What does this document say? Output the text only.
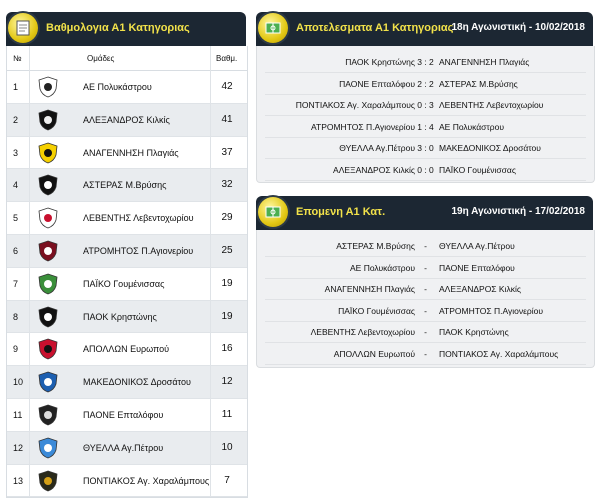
Βαθμολογια Α1 Κατηγοριας
№	Ομάδες	Βαθμ.
1	ΑΕ Πολυκάστρου	42
2	ΑΛΕΞΑΝΔΡΟΣ Κιλκίς	41
3	ΑΝΑΓΕΝΝΗΣΗ Πλαγιάς	37
4	ΑΣΤΕΡΑΣ Μ.Βρύσης	32
5	ΛΕΒΕΝΤΗΣ Λεβεντοχωρίου	29
6	ΑΤΡΟΜΗΤΟΣ Π.Αγιονερίου	25
7	ΠΑΪΚΟ Γουμένισσας	19
8	ΠΑΟΚ Κρηστώνης	19
9	ΑΠΟΛΛΩΝ Ευρωπού	16
10	ΜΑΚΕΔΟΝΙΚΟΣ Δροσάτου	12
11	ΠΑΟΝΕ Επταλόφου	11
12	ΘΥΕΛΛΑ Αγ.Πέτρου	10
13	ΠΟΝΤΙΑΚΟΣ Αγ. Χαραλάμπους	7
Αποτελεσματα Α1 Κατηγοριας
18η Αγωνιστική - 10/02/2018
ΠΑΟΚ Κρηστώνης 3 : 2 ΑΝΑΓΕΝΝΗΣΗ Πλαγιάς
ΠΑΟΝΕ Επταλόφου 2 : 2 ΑΣΤΕΡΑΣ Μ.Βρύσης
ΠΟΝΤΙΑΚΟΣ Αγ. Χαραλάμπους 0 : 3 ΛΕΒΕΝΤΗΣ Λεβεντοχωρίου
ΑΤΡΟΜΗΤΟΣ Π.Αγιονερίου 1 : 4 ΑΕ Πολυκάστρου
ΘΥΕΛΛΑ Αγ.Πέτρου 3 : 0 ΜΑΚΕΔΟΝΙΚΟΣ Δροσάτου
ΑΛΕΞΑΝΔΡΟΣ Κιλκίς 0 : 0 ΠΑΪΚΟ Γουμένισσας
Επομενη Α1 Κατ.	19η Αγωνιστική - 17/02/2018
ΑΣΤΕΡΑΣ Μ.Βρύσης	-	ΘΥΕΛΛΑ Αγ.Πέτρου
ΑΕ Πολυκάστρου	-	ΠΑΟΝΕ Επταλόφου
ΑΝΑΓΕΝΝΗΣΗ Πλαγιάς	-	ΑΛΕΞΑΝΔΡΟΣ Κιλκίς
ΠΑΪΚΟ Γουμένισσας	-	ΑΤΡΟΜΗΤΟΣ Π.Αγιονερίου
ΛΕΒΕΝΤΗΣ Λεβεντοχωρίου	-	ΠΑΟΚ Κρηστώνης
ΑΠΟΛΛΩΝ Ευρωπού	-	ΠΟΝΤΙΑΚΟΣ Αγ. Χαραλάμπους
